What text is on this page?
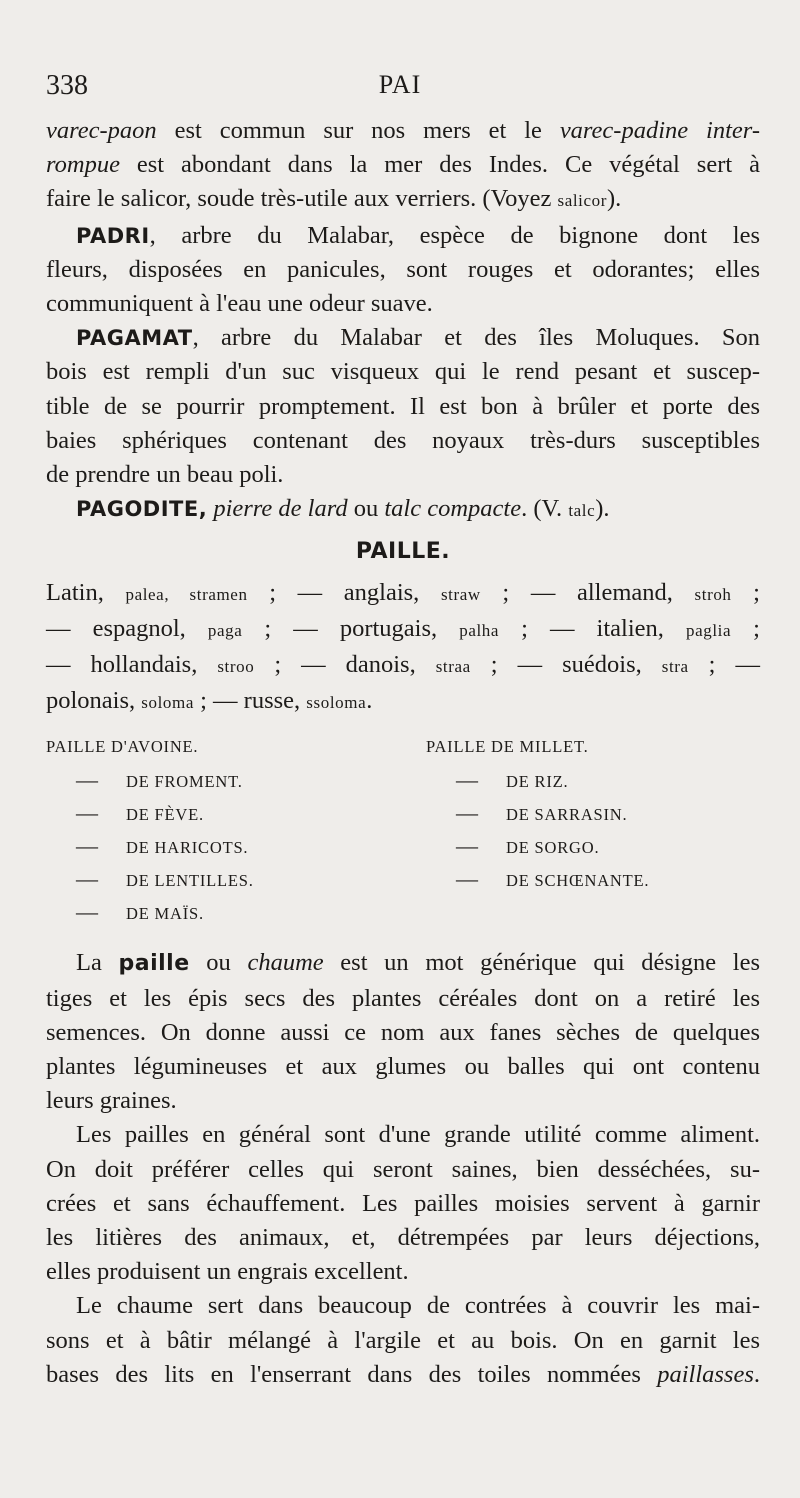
338	PAI

varec-paon est commun sur nos mers et le varec-padine inter-
rompue est abondant dans la mer des Indes. Ce végétal sert à
faire le salicor, soude très-utile aux verriers. (Voyez salicor).

PADRI, arbre du Malabar, espèce de bignone dont les
fleurs, disposées en panicules, sont rouges et odorantes; elles
communiquent à l'eau une odeur suave.

PAGAMAT, arbre du Malabar et des îles Moluques. Son
bois est rempli d'un suc visqueux qui le rend pesant et suscep-
tible de se pourrir promptement. Il est bon à brûler et porte des
baies sphériques contenant des noyaux très-durs susceptibles
de prendre un beau poli.

PAGODITE, pierre de lard ou talc compacte. (V. talc).

PAILLE.

Latin, palea, stramen ; — anglais, straw ; — allemand, stroh ;
— espagnol, paga ; — portugais, palha ; — italien, paglia ;
— hollandais, stroo ; — danois, straa ; — suédois, stra ; —
polonais, soloma ; — russe, ssoloma.

PAILLE D'AVOINE.
—DE FROMENT.
—DE FÈVE.
—DE HARICOTS.
—DE LENTILLES.
—DE MAÏS.
PAILLE DE MILLET.
—DE RIZ.
—DE SARRASIN.
—DE SORGO.
—DE SCHŒNANTE.

La paille ou chaume est un mot générique qui désigne les
tiges et les épis secs des plantes céréales dont on a retiré les
semences. On donne aussi ce nom aux fanes sèches de quelques
plantes légumineuses et aux glumes ou balles qui ont contenu
leurs graines.

Les pailles en général sont d'une grande utilité comme aliment.
On doit préférer celles qui seront saines, bien desséchées, su-
crées et sans échauffement. Les pailles moisies servent à garnir
les litières des animaux, et, détrempées par leurs déjections,
elles produisent un engrais excellent.

Le chaume sert dans beaucoup de contrées à couvrir les mai-
sons et à bâtir mélangé à l'argile et au bois. On en garnit les
bases des lits en l'enserrant dans des toiles nommées paillasses.
